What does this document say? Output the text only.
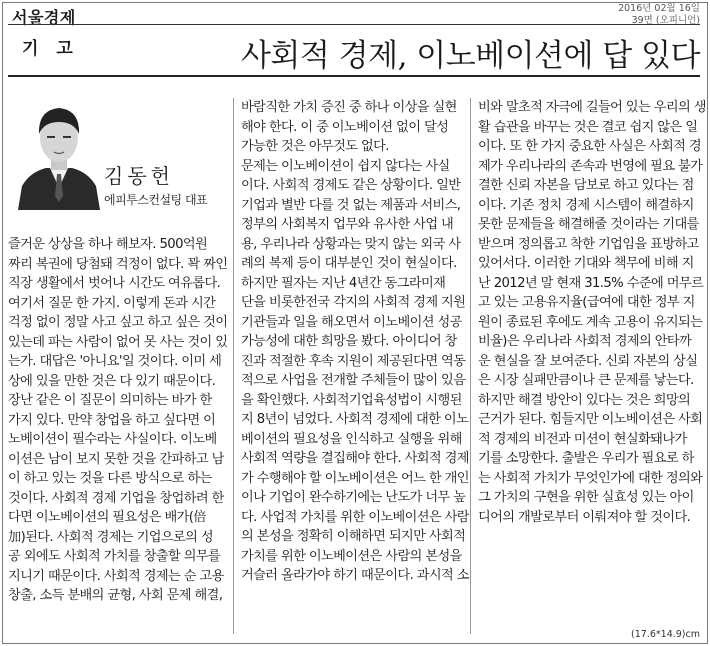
서울경제	2016년 02월 16일
39면 (오피니언)
기 고	사회적 경제, 이노베이션에 답 있다
김동헌
에피투스컨설팅 대표

즐거운 상상을 하나 해보자. 500억원

짜리 복권에 당첨돼 걱정이 없다. 꽉 짜인

직장 생활에서 벗어나 시간도 여유롭다.

여기서 질문 한 가지. 이렇게 돈과 시간

걱정 없이 정말 사고 싶고 하고 싶은 것이

있는데 파는 사람이 없어 못 사는 것이 있

는가. 대답은 '아니요'일 것이다. 이미 세

상에 있을 만한 것은 다 있기 때문이다.

장난 같은 이 질문이 의미하는 바가 한

가지 있다. 만약 창업을 하고 싶다면 이

노베이션이 필수라는 사실이다. 이노베

이션은 남이 보지 못한 것을 간파하고 남

이 하고 있는 것을 다른 방식으로 하는

것이다. 사회적 경제 기업을 창업하려 한

다면 이노베이션의 필요성은 배가(倍

加)된다. 사회적 경제는 기업으로의 성

공 외에도 사회적 가치를 창출할 의무를

지니기 때문이다. 사회적 경제는 순 고용

창출, 소득 분배의 균형, 사회 문제 해결,

바람직한 가치 증진 중 하나 이상을 실현

해야 한다. 이 중 이노베이션 없이 달성

가능한 것은 아무것도 없다.

문제는 이노베이션이 쉽지 않다는 사실

이다. 사회적 경제도 같은 상황이다. 일반

기업과 별반 다를 것 없는 제품과 서비스,

정부의 사회복지 업무와 유사한 사업 내

용, 우리나라 상황과는 맞지 않는 외국 사

례의 복제 등이 대부분인 것이 현실이다.

하지만 필자는 지난 4년간 동그라미재

단을 비롯한전국 각지의 사회적 경제 지원

기관들과 일을 해오면서 이노베이션 성공

가능성에 대한 희망을 봤다. 아이디어 창

진과 적절한 후속 지원이 제공된다면 역동

적으로 사업을 전개할 주체들이 많이 있음

을 확인했다. 사회적기업육성법이 시행된

지 8년이 넘었다. 사회적 경제에 대한 이노

베이션의 필요성을 인식하고 실행을 위해

사회적 역량을 결집해야 한다. 사회적 경제

가 수행해야 할 이노베이션은 어느 한 개인

이나 기업이 완수하기에는 난도가 너무 높

다. 사업적 가치를 위한 이노베이션은 사람

의 본성을 정확히 이해하면 되지만 사회적

가치를 위한 이노베이션은 사람의 본성을

거슬러 올라가야 하기 때문이다. 과시적 소

비와 말초적 자극에 길들어 있는 우리의 생

활 습관을 바꾸는 것은 결코 쉽지 않은 일

이다. 또 한 가지 중요한 사실은 사회적 경

제가 우리나라의 존속과 번영에 필요 불가

결한 신뢰 자본을 담보로 하고 있다는 점

이다. 기존 정치 경제 시스템이 해결하지

못한 문제들을 해결해줄 것이라는 기대를

받으며 정의롭고 착한 기업임을 표방하고

있어서다. 이러한 기대와 책무에 비해 지

난 2012년 말 현재 31.5% 수준에 머무르

고 있는 고용유지율(급여에 대한 정부 지

원이 종료된 후에도 계속 고용이 유지되는

비율)은 우리나라 사회적 경제의 안타까

운 현실을 잘 보여준다. 신뢰 자본의 상실

은 시장 실패만큼이나 큰 문제를 낳는다.

하지만 해결 방안이 있다는 것은 희망의

근거가 된다. 힘들지만 이노베이션은 사회

적 경제의 비전과 미션이 현실화돼나가

기를 소망한다. 출발은 우리가 필요로 하

는 사회적 가치가 무엇인가에 대한 정의와

그 가치의 구현을 위한 실효성 있는 아이

디어의 개발로부터 이뤄져야 할 것이다.

(17.6*14.9)cm
